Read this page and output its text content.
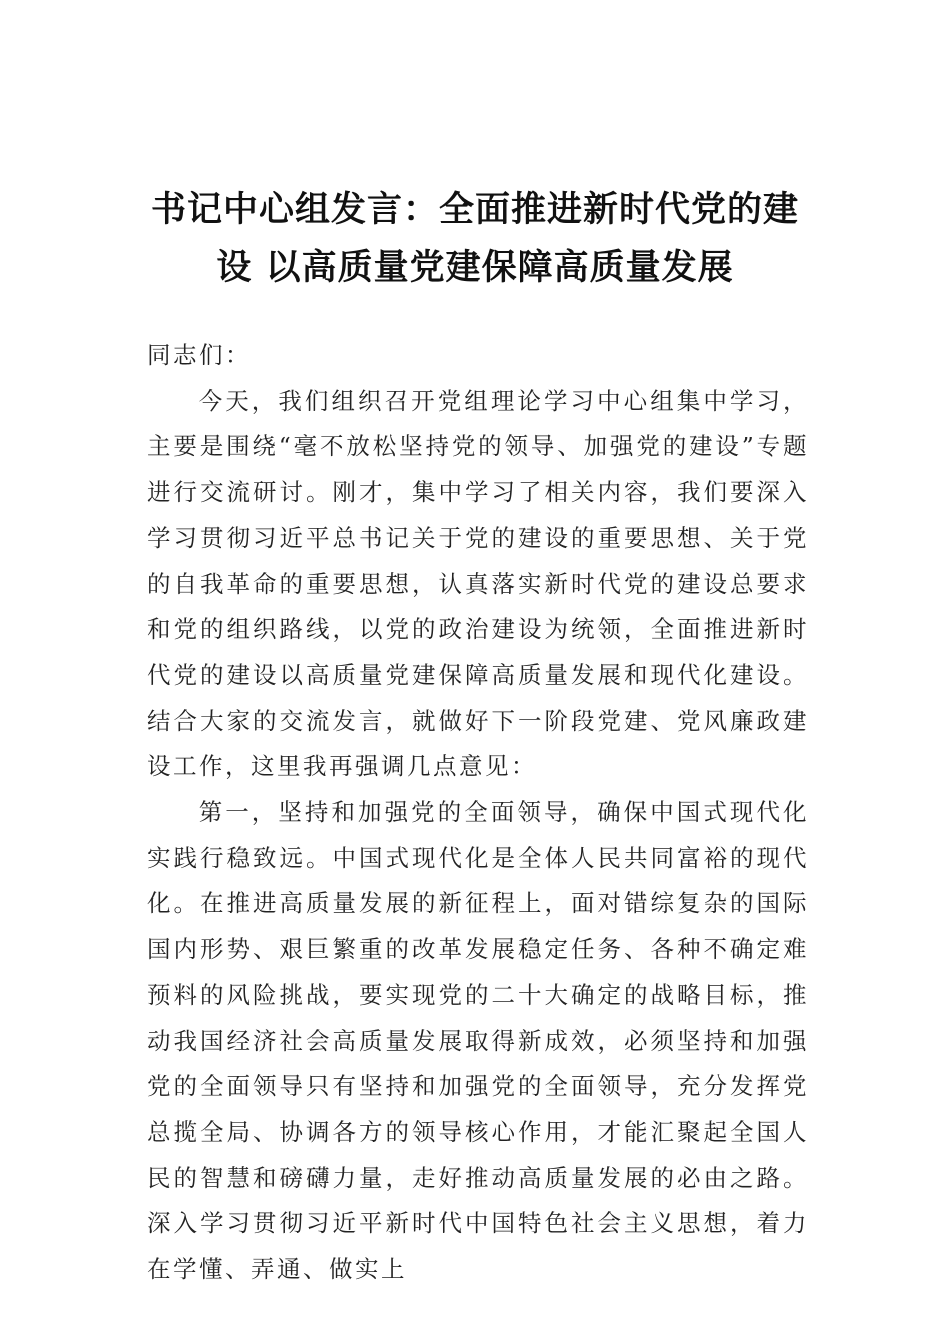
书记中心组发言：全面推进新时代党的建
设 以高质量党建保障高质量发展

同志们：

今天，我们组织召开党组理论学习中心组集中学习，主要是围绕“毫不放松坚持党的领导、加强党的建设”专题进行交流研讨。刚才，集中学习了相关内容，我们要深入学习贯彻习近平总书记关于党的建设的重要思想、关于党的自我革命的重要思想，认真落实新时代党的建设总要求和党的组织路线，以党的政治建设为统领，全面推进新时代党的建设以高质量党建保障高质量发展和现代化建设。结合大家的交流发言，就做好下一阶段党建、党风廉政建设工作，这里我再强调几点意见：

第一，坚持和加强党的全面领导，确保中国式现代化实践行稳致远。中国式现代化是全体人民共同富裕的现代化。在推进高质量发展的新征程上，面对错综复杂的国际国内形势、艰巨繁重的改革发展稳定任务、各种不确定难预料的风险挑战，要实现党的二十大确定的战略目标，推动我国经济社会高质量发展取得新成效，必须坚持和加强党的全面领导只有坚持和加强党的全面领导，充分发挥党总揽全局、协调各方的领导核心作用，才能汇聚起全国人民的智慧和磅礴力量，走好推动高质量发展的必由之路。深入学习贯彻习近平新时代中国特色社会主义思想，着力在学懂、弄通、做实上
